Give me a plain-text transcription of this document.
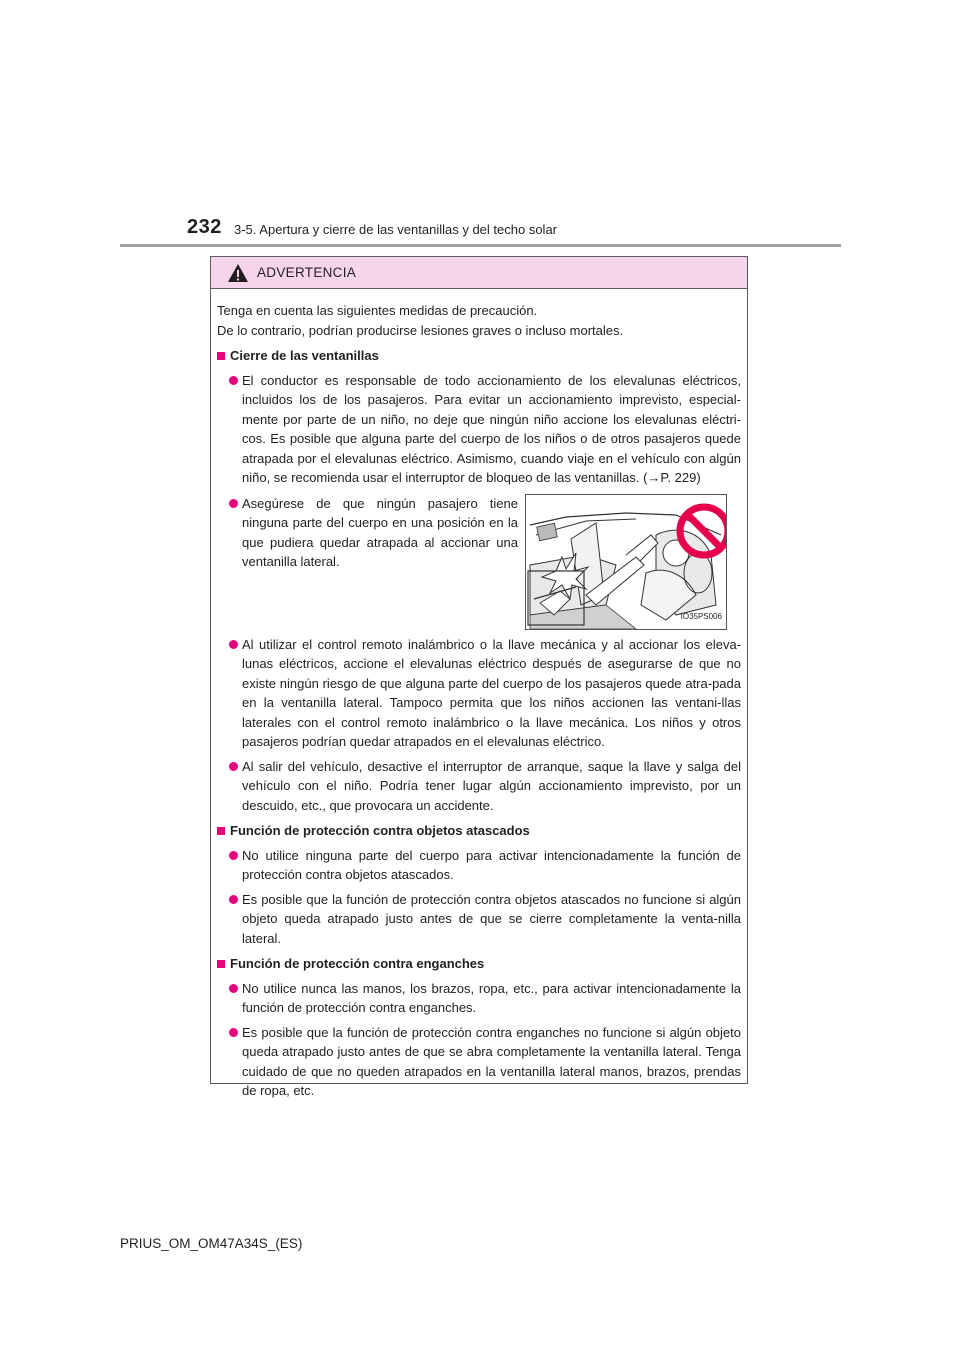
232 3-5. Apertura y cierre de las ventanillas y del techo solar
ADVERTENCIA

Tenga en cuenta las siguientes medidas de precaución.

De lo contrario, podrían producirse lesiones graves o incluso mortales.

Cierre de las ventanillas
El conductor es responsable de todo accionamiento de los elevalunas eléctricos, incluidos los de los pasajeros. Para evitar un accionamiento imprevisto, especial-mente por parte de un niño, no deje que ningún niño accione los elevalunas eléctri-cos. Es posible que alguna parte del cuerpo de los niños o de otros pasajeros quede atrapada por el elevalunas eléctrico. Asimismo, cuando viaje en el vehículo con algún niño, se recomienda usar el interruptor de bloqueo de las ventanillas. (→P. 229)
Asegúrese de que ningún pasajero tiene ninguna parte del cuerpo en una posición en la que pudiera quedar atrapada al accionar una ventanilla lateral.
IO35PS006
Al utilizar el control remoto inalámbrico o la llave mecánica y al accionar los eleva-lunas eléctricos, accione el elevalunas eléctrico después de asegurarse de que no existe ningún riesgo de que alguna parte del cuerpo de los pasajeros quede atra-pada en la ventanilla lateral. Tampoco permita que los niños accionen las ventani-llas laterales con el control remoto inalámbrico o la llave mecánica. Los niños y otros pasajeros podrían quedar atrapados en el elevalunas eléctrico.
Al salir del vehículo, desactive el interruptor de arranque, saque la llave y salga del vehículo con el niño. Podría tener lugar algún accionamiento imprevisto, por un descuido, etc., que provocara un accidente.
Función de protección contra objetos atascados
No utilice ninguna parte del cuerpo para activar intencionadamente la función de protección contra objetos atascados.
Es posible que la función de protección contra objetos atascados no funcione si algún objeto queda atrapado justo antes de que se cierre completamente la venta-nilla lateral.
Función de protección contra enganches
No utilice nunca las manos, los brazos, ropa, etc., para activar intencionadamente la función de protección contra enganches.
Es posible que la función de protección contra enganches no funcione si algún objeto queda atrapado justo antes de que se abra completamente la ventanilla lateral. Tenga cuidado de que no queden atrapados en la ventanilla lateral manos, brazos, prendas de ropa, etc.
PRIUS_OM_OM47A34S_(ES)
